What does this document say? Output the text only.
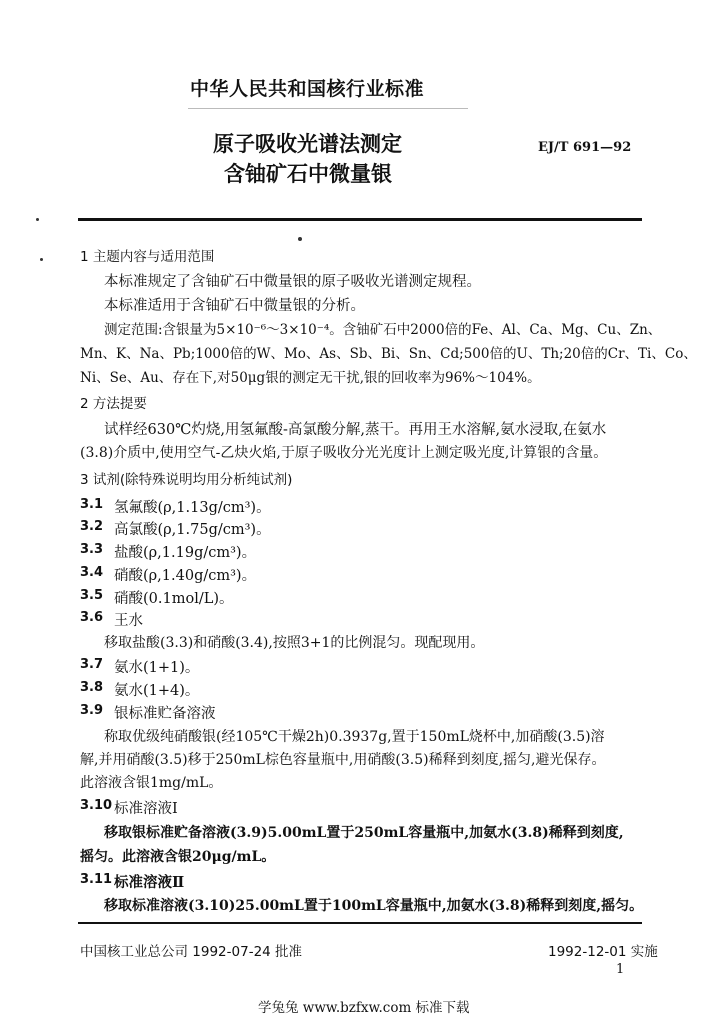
中华人民共和国核行业标准
原子吸收光谱法测定
含铀矿石中微量银
EJ/T 691—92
1 主题内容与适用范围
本标准规定了含铀矿石中微量银的原子吸收光谱测定规程。
本标准适用于含铀矿石中微量银的分析。
测定范围:含银量为5×10⁻⁶～3×10⁻⁴。含铀矿石中2000倍的Fe、Al、Ca、Mg、Cu、Zn、
Mn、K、Na、Pb;1000倍的W、Mo、As、Sb、Bi、Sn、Cd;500倍的U、Th;20倍的Cr、Ti、Co、
Ni、Se、Au、存在下,对50μg银的测定无干扰,银的回收率为96%～104%。
2 方法提要
试样经630℃灼烧,用氢氟酸-高氯酸分解,蒸干。再用王水溶解,氨水浸取,在氨水
(3.8)介质中,使用空气-乙炔火焰,于原子吸收分光光度计上测定吸光度,计算银的含量。
3 试剂(除特殊说明均用分析纯试剂)
3.1 氢氟酸(ρ,1.13g/cm³)。
3.2 高氯酸(ρ,1.75g/cm³)。
3.3 盐酸(ρ,1.19g/cm³)。
3.4 硝酸(ρ,1.40g/cm³)。
3.5 硝酸(0.1mol/L)。
3.6 王水
移取盐酸(3.3)和硝酸(3.4),按照3+1的比例混匀。现配现用。
3.7 氨水(1+1)。
3.8 氨水(1+4)。
3.9 银标准贮备溶液
称取优级纯硝酸银(经105℃干燥2h)0.3937g,置于150mL烧杯中,加硝酸(3.5)溶
解,并用硝酸(3.5)移于250mL棕色容量瓶中,用硝酸(3.5)稀释到刻度,摇匀,避光保存。
此溶液含银1mg/mL。
3.10 标准溶液Ⅰ
移取银标准贮备溶液(3.9)5.00mL置于250mL容量瓶中,加氨水(3.8)稀释到刻度,
摇匀。此溶液含银20μg/mL。
3.11 标准溶液Ⅱ
移取标准溶液(3.10)25.00mL置于100mL容量瓶中,加氨水(3.8)稀释到刻度,摇匀。
中国核工业总公司 1992-07-24 批准	1992-12-01 实施
1
学兔兔 www.bzfxw.com 标准下载
